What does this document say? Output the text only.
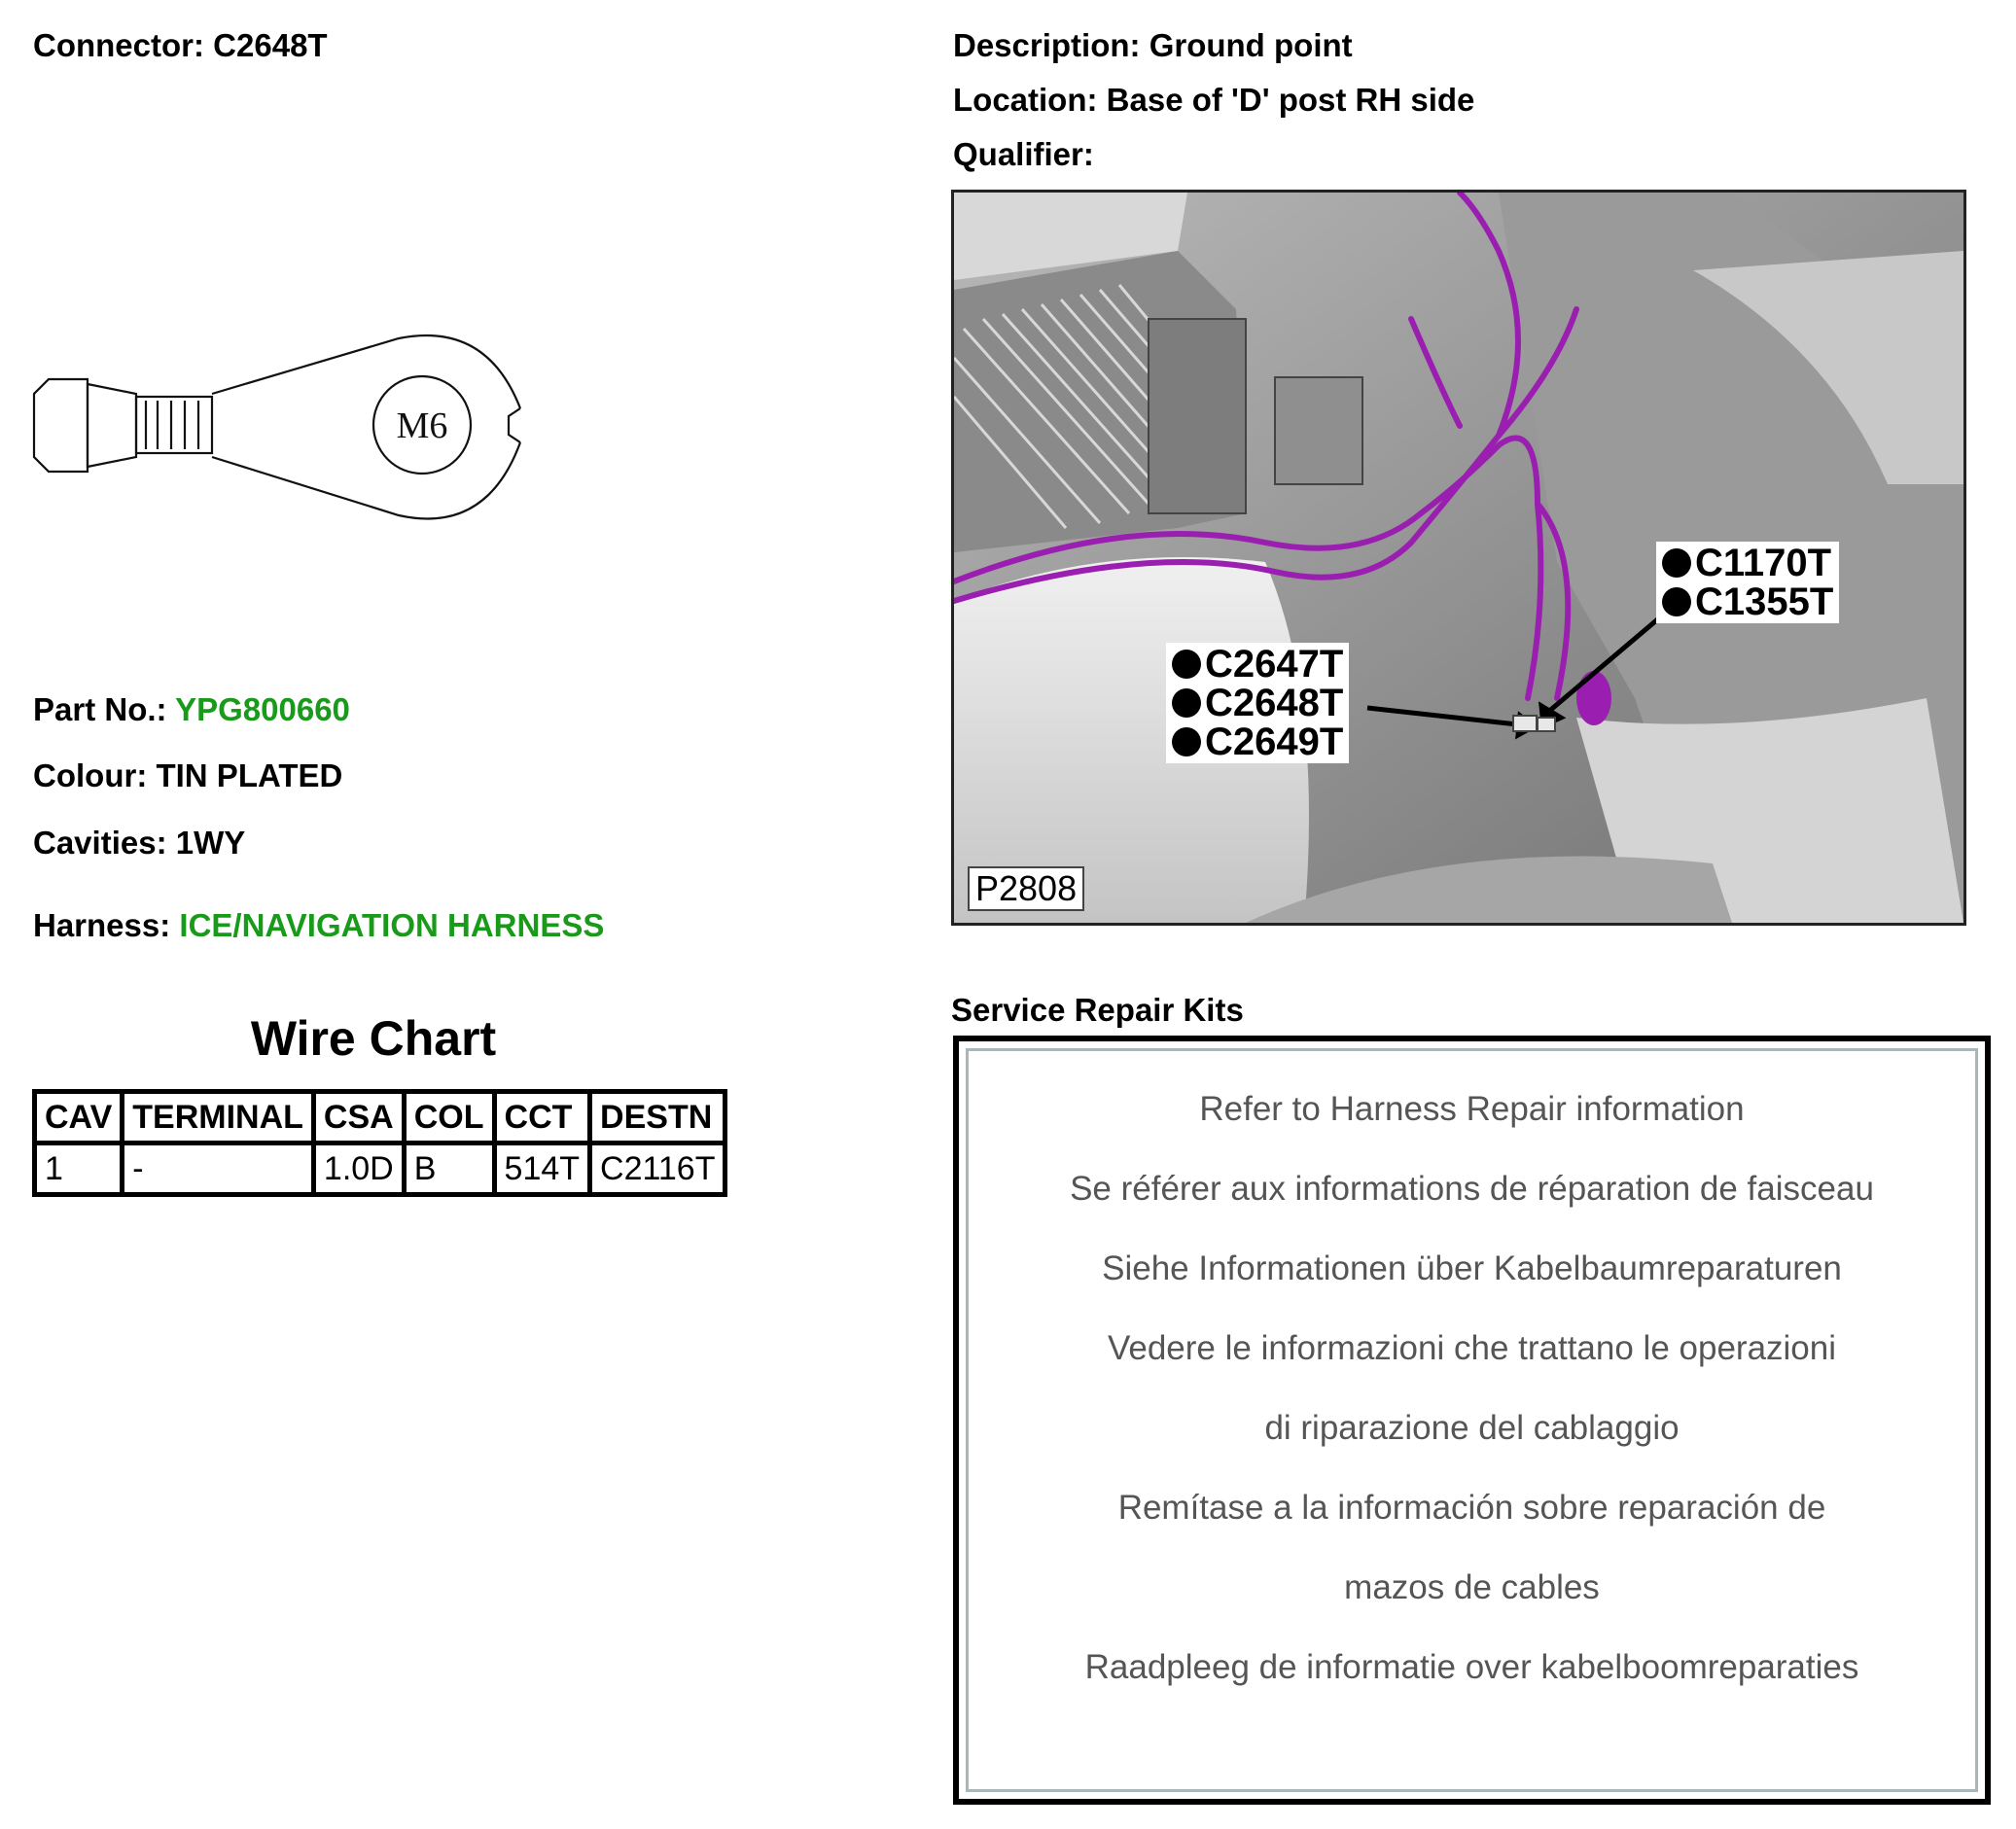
Connector: C2648T
M6
Part No.: YPG800660
Colour: TIN PLATED
Cavities: 1WY
Harness: ICE/NAVIGATION HARNESS
Wire Chart
CAV	TERMINAL	CSA	COL	CCT	DESTN
1	-	1.0D	B	514T	C2116T
Description: Ground point
Location: Base of 'D' post RH side
Qualifier:
C2647T
C2648T
C2649T
C1170T
C1355T
P2808
Service Repair Kits
Refer to Harness Repair information
Se référer aux informations de réparation de faisceau
Siehe Informationen über Kabelbaumreparaturen
Vedere le informazioni che trattano le operazioni
di riparazione del cablaggio
Remítase a la información sobre reparación de
mazos de cables
Raadpleeg de informatie over kabelboomreparaties
